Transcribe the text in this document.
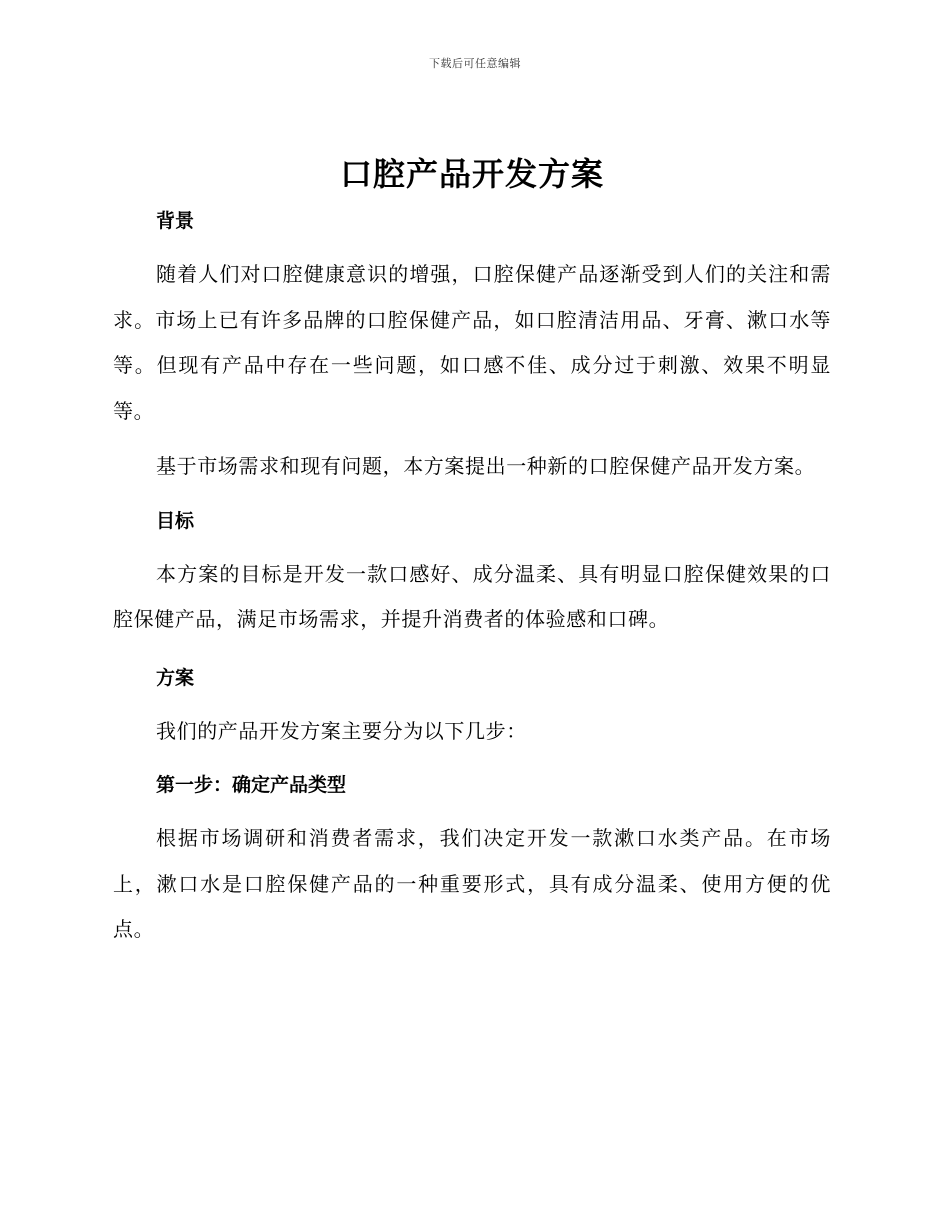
下载后可任意编辑
口腔产品开发方案
背景

随着人们对口腔健康意识的增强，口腔保健产品逐渐受到人们的关注和需求。市场上已有许多品牌的口腔保健产品，如口腔清洁用品、牙膏、漱口水等等。但现有产品中存在一些问题，如口感不佳、成分过于刺激、效果不明显等。

基于市场需求和现有问题，本方案提出一种新的口腔保健产品开发方案。

目标

本方案的目标是开发一款口感好、成分温柔、具有明显口腔保健效果的口腔保健产品，满足市场需求，并提升消费者的体验感和口碑。

方案

我们的产品开发方案主要分为以下几步：

第一步：确定产品类型

根据市场调研和消费者需求，我们决定开发一款漱口水类产品。在市场上，漱口水是口腔保健产品的一种重要形式，具有成分温柔、使用方便的优点。
